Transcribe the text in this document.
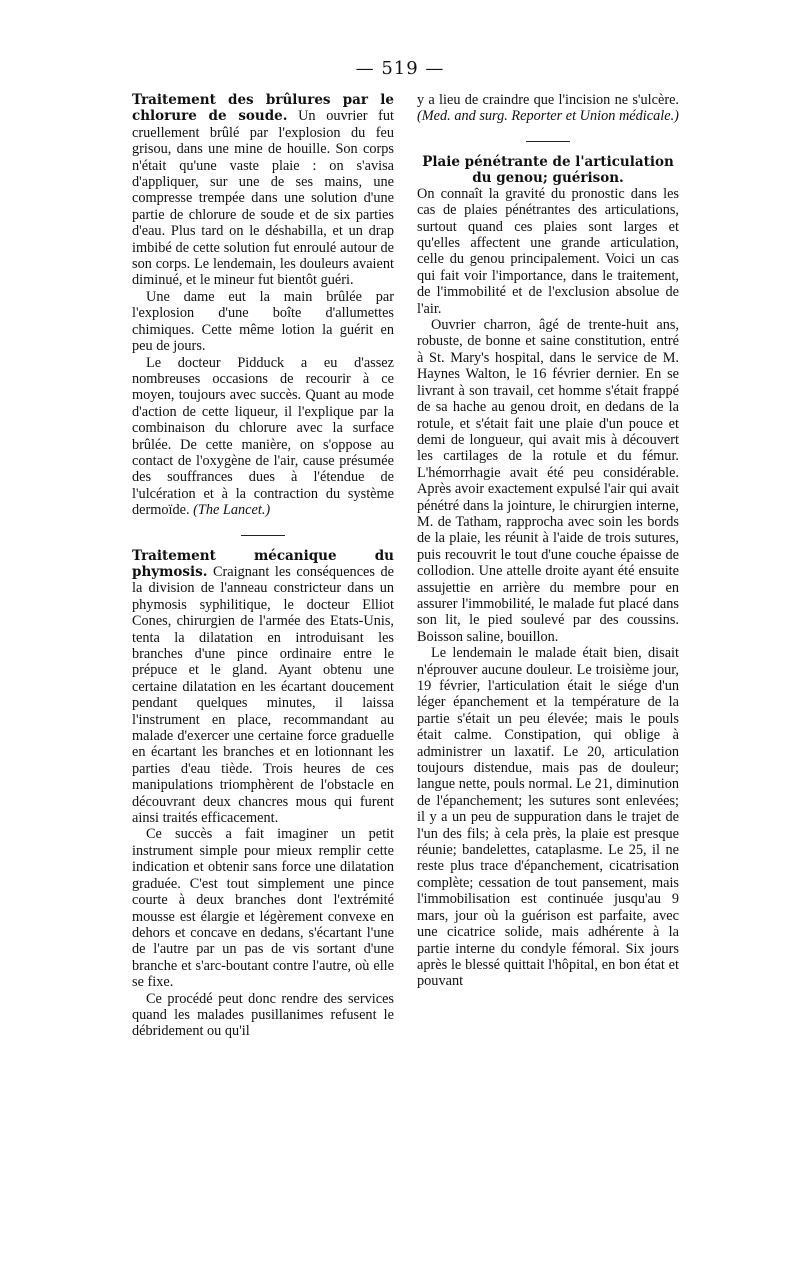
— 519 —

Traitement des brûlures par le chlorure de soude. Un ouvrier fut cruellement brûlé par l'explosion du feu grisou, dans une mine de houille. Son corps n'était qu'une vaste plaie : on s'avisa d'appliquer, sur une de ses mains, une compresse trempée dans une solution d'une partie de chlorure de soude et de six parties d'eau. Plus tard on le déshabilla, et un drap imbibé de cette solution fut enroulé autour de son corps. Le lendemain, les douleurs avaient diminué, et le mineur fut bientôt guéri.

Une dame eut la main brûlée par l'explosion d'une boîte d'allumettes chimiques. Cette même lotion la guérit en peu de jours.

Le docteur Pidduck a eu d'assez nombreuses occasions de recourir à ce moyen, toujours avec succès. Quant au mode d'action de cette liqueur, il l'explique par la combinaison du chlorure avec la surface brûlée. De cette manière, on s'oppose au contact de l'oxygène de l'air, cause présumée des souffrances dues à l'étendue de l'ulcération et à la contraction du système dermoïde. (The Lancet.)

Traitement mécanique du phymosis. Craignant les conséquences de la division de l'anneau constricteur dans un phymosis syphilitique, le docteur Elliot Cones, chirurgien de l'armée des Etats-Unis, tenta la dilatation en introduisant les branches d'une pince ordinaire entre le prépuce et le gland. Ayant obtenu une certaine dilatation en les écartant doucement pendant quelques minutes, il laissa l'instrument en place, recommandant au malade d'exercer une certaine force graduelle en écartant les branches et en lotionnant les parties d'eau tiède. Trois heures de ces manipulations triomphèrent de l'obstacle en découvrant deux chancres mous qui furent ainsi traités efficacement.

Ce succès a fait imaginer un petit instrument simple pour mieux remplir cette indication et obtenir sans force une dilatation graduée. C'est tout simplement une pince courte à deux branches dont l'extrémité mousse est élargie et légèrement convexe en dehors et concave en dedans, s'écartant l'une de l'autre par un pas de vis sortant d'une branche et s'arc-boutant contre l'autre, où elle se fixe.

Ce procédé peut donc rendre des services quand les malades pusillanimes refusent le débridement ou qu'il

y a lieu de craindre que l'incision ne s'ulcère. (Med. and surg. Reporter et Union médicale.)

Plaie pénétrante de l'articulation du genou; guérison.

On connaît la gravité du pronostic dans les cas de plaies pénétrantes des articulations, surtout quand ces plaies sont larges et qu'elles affectent une grande articulation, celle du genou principalement. Voici un cas qui fait voir l'importance, dans le traitement, de l'immobilité et de l'exclusion absolue de l'air.

Ouvrier charron, âgé de trente-huit ans, robuste, de bonne et saine constitution, entré à St. Mary's hospital, dans le service de M. Haynes Walton, le 16 février dernier. En se livrant à son travail, cet homme s'était frappé de sa hache au genou droit, en dedans de la rotule, et s'était fait une plaie d'un pouce et demi de longueur, qui avait mis à découvert les cartilages de la rotule et du fémur. L'hémorrhagie avait été peu considérable. Après avoir exactement expulsé l'air qui avait pénétré dans la jointure, le chirurgien interne, M. de Tatham, rapprocha avec soin les bords de la plaie, les réunit à l'aide de trois sutures, puis recouvrit le tout d'une couche épaisse de collodion. Une attelle droite ayant été ensuite assujettie en arrière du membre pour en assurer l'immobilité, le malade fut placé dans son lit, le pied soulevé par des coussins. Boisson saline, bouillon.

Le lendemain le malade était bien, disait n'éprouver aucune douleur. Le troisième jour, 19 février, l'articulation était le siége d'un léger épanchement et la température de la partie s'était un peu élevée; mais le pouls était calme. Constipation, qui oblige à administrer un laxatif. Le 20, articulation toujours distendue, mais pas de douleur; langue nette, pouls normal. Le 21, diminution de l'épanchement; les sutures sont enlevées; il y a un peu de suppuration dans le trajet de l'un des fils; à cela près, la plaie est presque réunie; bandelettes, cataplasme. Le 25, il ne reste plus trace d'épanchement, cicatrisation complète; cessation de tout pansement, mais l'immobilisation est continuée jusqu'au 9 mars, jour où la guérison est parfaite, avec une cicatrice solide, mais adhérente à la partie interne du condyle fémoral. Six jours après le blessé quittait l'hôpital, en bon état et pouvant
